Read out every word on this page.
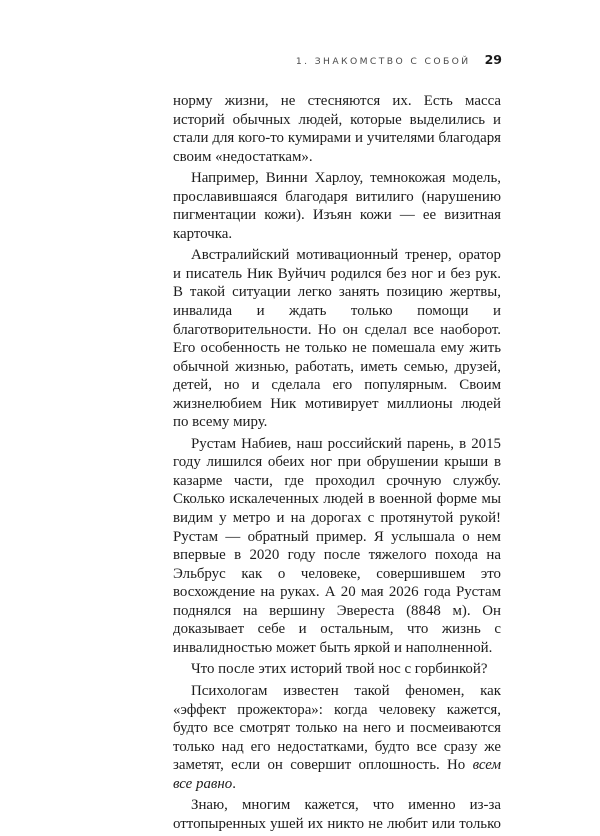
1. ЗНАКОМСТВО С СОБОЙ 29

норму жизни, не стесняются их. Есть масса историй обычных людей, которые выделились и стали для кого-то кумирами и учителями благодаря своим «недостаткам».

Например, Винни Харлоу, темнокожая модель, прославившаяся благодаря витилиго (нарушению пигментации кожи). Изъян кожи — ее визитная карточка.

Австралийский мотивационный тренер, оратор и писатель Ник Вуйчич родился без ног и без рук. В такой ситуации легко занять позицию жертвы, инвалида и ждать только помощи и благотворительности. Но он сделал все наоборот. Его особенность не только не помешала ему жить обычной жизнью, работать, иметь семью, друзей, детей, но и сделала его популярным. Своим жизнелюбием Ник мотивирует миллионы людей по всему миру.

Рустам Набиев, наш российский парень, в 2015 году лишился обеих ног при обрушении крыши в казарме части, где проходил срочную службу. Сколько искалеченных людей в военной форме мы видим у метро и на дорогах с протянутой рукой! Рустам — обратный пример. Я услышала о нем впервые в 2020 году после тяжелого похода на Эльбрус как о человеке, совершившем это восхождение на руках. А 20 мая 2026 года Рустам поднялся на вершину Эвереста (8848 м). Он доказывает себе и остальным, что жизнь с инвалидностью может быть яркой и наполненной.

Что после этих историй твой нос с горбинкой?

Психологам известен такой феномен, как «эффект прожектора»: когда человеку кажется, будто все смотрят только на него и посмеиваются только над его недостатками, будто все сразу же заметят, если он совершит оплошность. Но всем все равно.

Знаю, многим кажется, что именно из-за оттопыренных ушей их никто не любит или только
